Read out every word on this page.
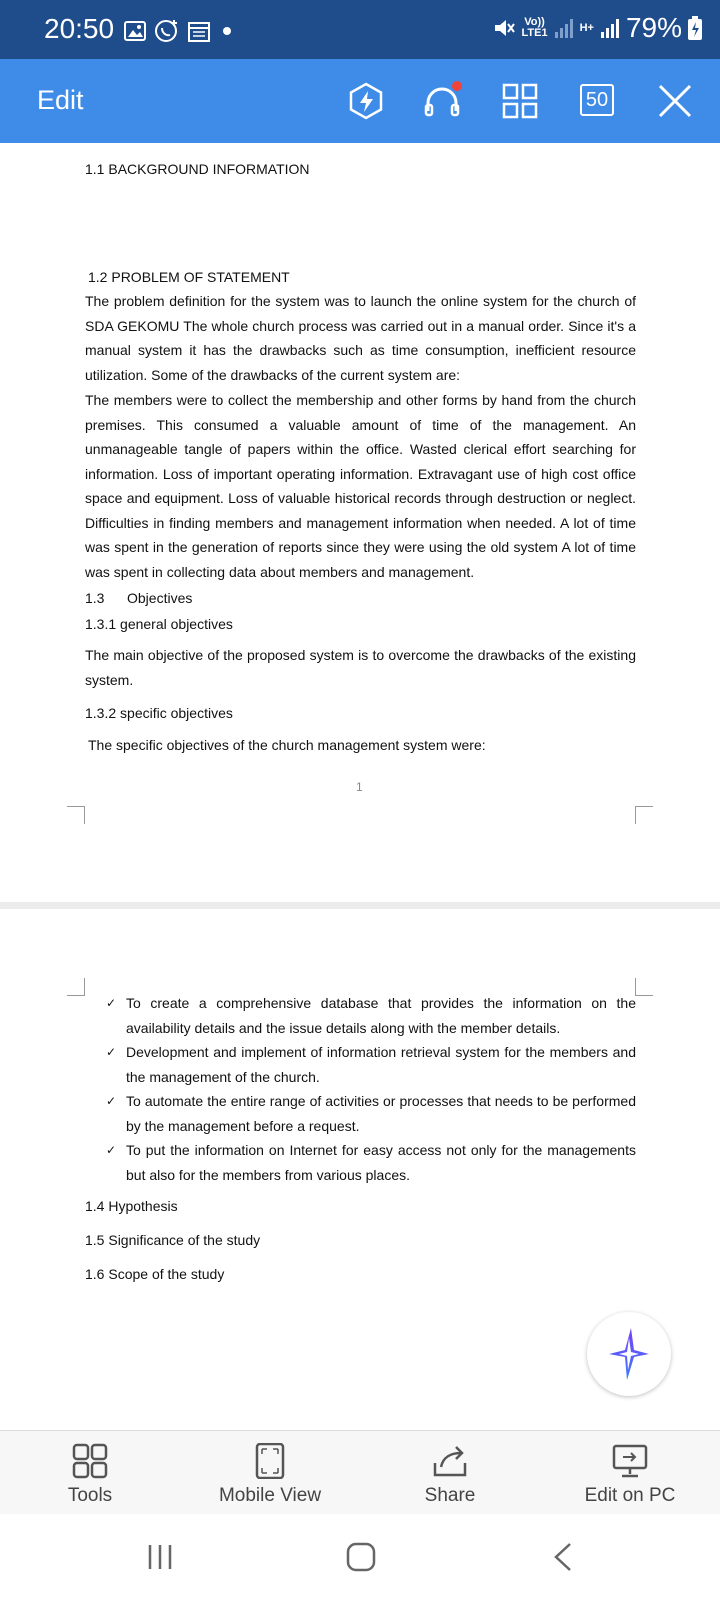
20:50	Vo))
LTE1	H+ 79%
Edit	50
1.1 BACKGROUND INFORMATION
1.2 PROBLEM OF STATEMENT
The problem definition for the system was to launch the online system for the church of SDA GEKOMU The whole church process was carried out in a manual order. Since it's a manual system it has the drawbacks such as time consumption, inefficient resource utilization. Some of the drawbacks of the current system are:
The members were to collect the membership and other forms by hand from the church premises. This consumed a valuable amount of time of the management. An unmanageable tangle of papers within the office. Wasted clerical effort searching for information. Loss of important operating information. Extravagant use of high cost office space and equipment. Loss of valuable historical records through destruction or neglect. Difficulties in finding members and management information when needed. A lot of time was spent in the generation of reports since they were using the old system A lot of time was spent in collecting data about members and management.
1.3 Objectives
1.3.1 general objectives
The main objective of the proposed system is to overcome the drawbacks of the existing system.
1.3.2 specific objectives
The specific objectives of the church management system were:
1
✓ To create a comprehensive database that provides the information on the availability details and the issue details along with the member details.
✓ Development and implement of information retrieval system for the members and the management of the church.
✓ To automate the entire range of activities or processes that needs to be performed by the management before a request.
✓ To put the information on Internet for easy access not only for the managements but also for the members from various places.
1.4 Hypothesis
1.5 Significance of the study
1.6 Scope of the study
Tools	Mobile View	Share	Edit on PC
